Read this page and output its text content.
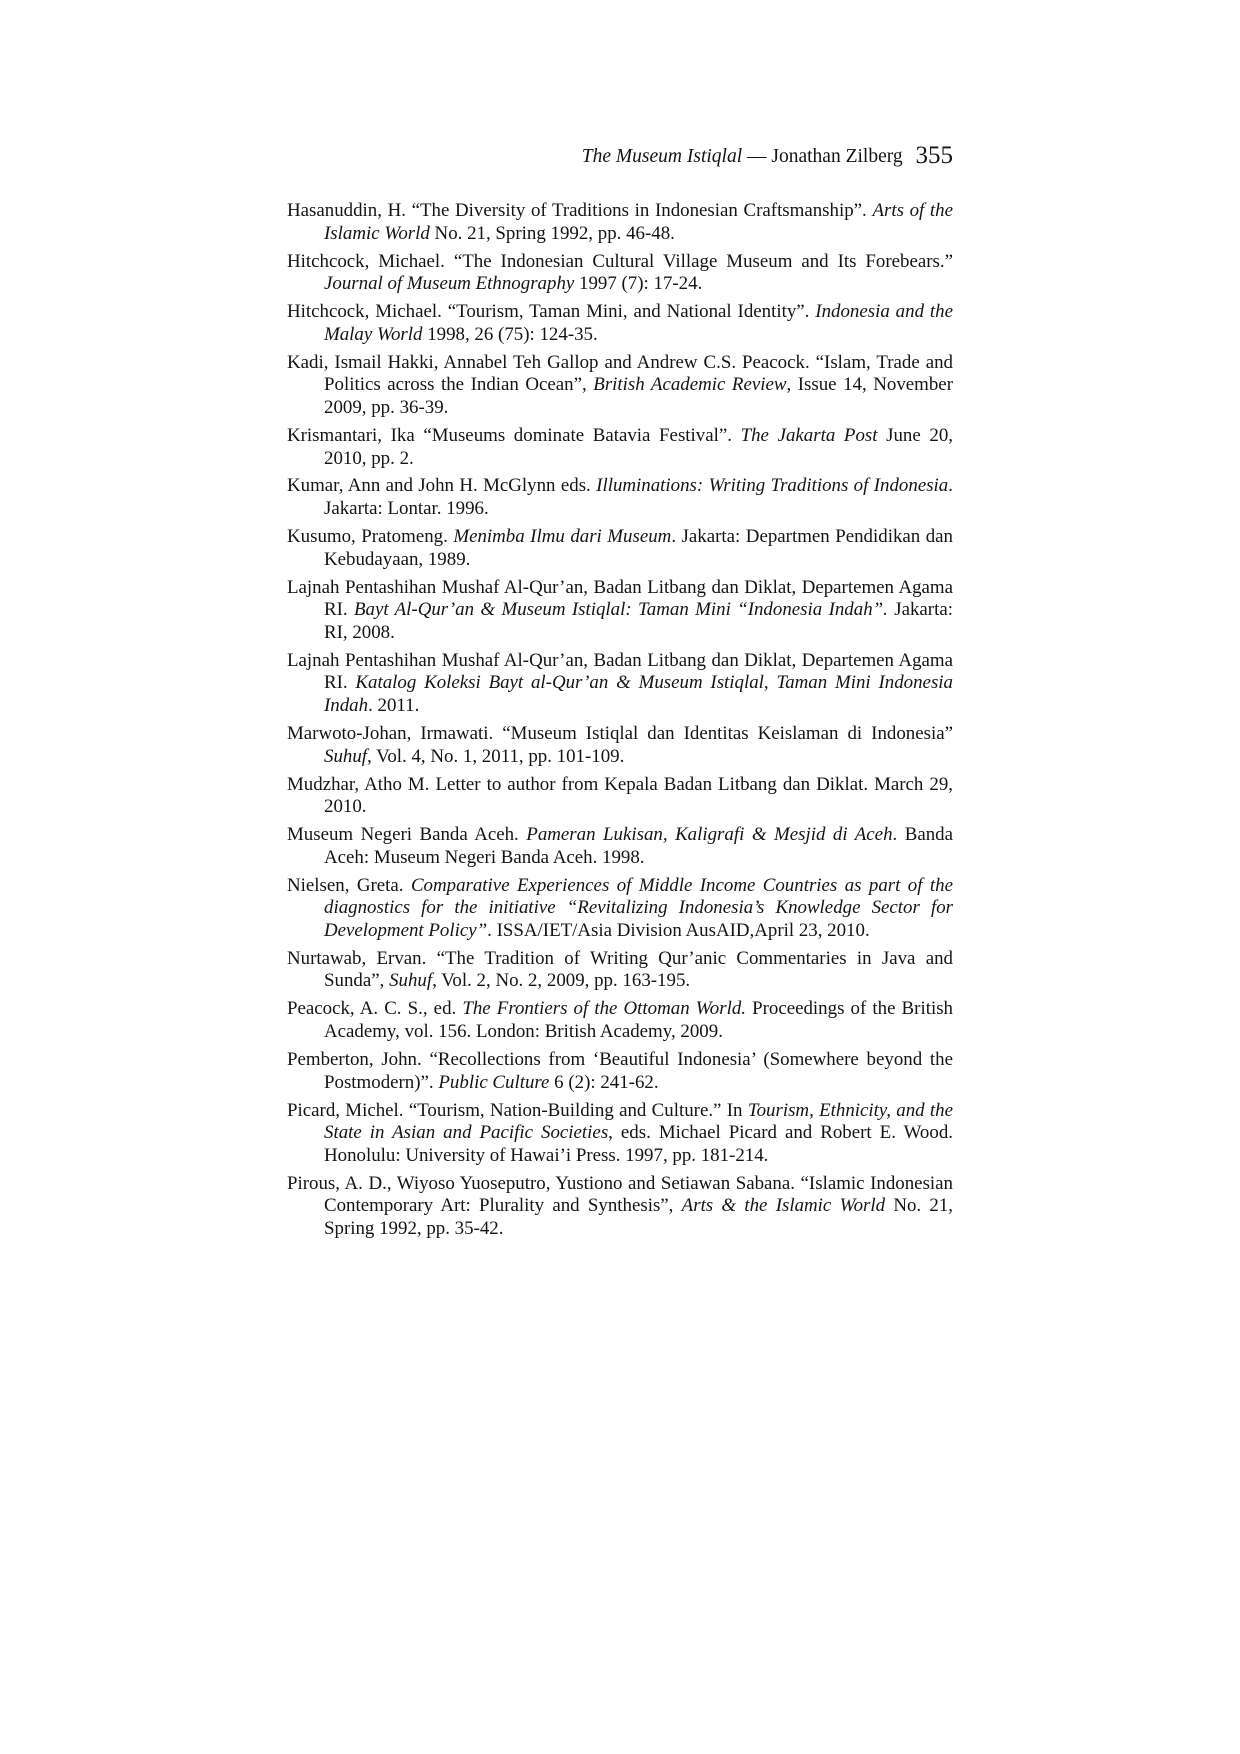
The Museum Istiqlal — Jonathan Zilberg 355

Hasanuddin, H. “The Diversity of Traditions in Indonesian Craftsmanship”. Arts of the Islamic World No. 21, Spring 1992, pp. 46-48.

Hitchcock, Michael. “The Indonesian Cultural Village Museum and Its Forebears.” Journal of Museum Ethnography 1997 (7): 17-24.

Hitchcock, Michael. “Tourism, Taman Mini, and National Identity”. Indonesia and the Malay World 1998, 26 (75): 124-35.

Kadi, Ismail Hakki, Annabel Teh Gallop and Andrew C.S. Peacock. “Islam, Trade and Politics across the Indian Ocean”, British Academic Review, Issue 14, November 2009, pp. 36-39.

Krismantari, Ika “Museums dominate Batavia Festival”. The Jakarta Post June 20, 2010, pp. 2.

Kumar, Ann and John H. McGlynn eds. Illuminations: Writing Traditions of Indonesia. Jakarta: Lontar. 1996.

Kusumo, Pratomeng. Menimba Ilmu dari Museum. Jakarta: Departmen Pendidikan dan Kebudayaan, 1989.

Lajnah Pentashihan Mushaf Al-Qur’an, Badan Litbang dan Diklat, Departemen Agama RI. Bayt Al-Qur’an & Museum Istiqlal: Taman Mini “Indonesia Indah”. Jakarta: RI, 2008.

Lajnah Pentashihan Mushaf Al-Qur’an, Badan Litbang dan Diklat, Departemen Agama RI. Katalog Koleksi Bayt al-Qur’an & Museum Istiqlal, Taman Mini Indonesia Indah. 2011.

Marwoto-Johan, Irmawati. “Museum Istiqlal dan Identitas Keislaman di Indonesia” Suhuf, Vol. 4, No. 1, 2011, pp. 101-109.

Mudzhar, Atho M. Letter to author from Kepala Badan Litbang dan Diklat. March 29, 2010.

Museum Negeri Banda Aceh. Pameran Lukisan, Kaligrafi & Mesjid di Aceh. Banda Aceh: Museum Negeri Banda Aceh. 1998.

Nielsen, Greta. Comparative Experiences of Middle Income Countries as part of the diagnostics for the initiative “Revitalizing Indonesia’s Knowledge Sector for Development Policy”. ISSA/IET/Asia Division AusAID,April 23, 2010.

Nurtawab, Ervan. “The Tradition of Writing Qur’anic Commentaries in Java and Sunda”, Suhuf, Vol. 2, No. 2, 2009, pp. 163-195.

Peacock, A. C. S., ed. The Frontiers of the Ottoman World. Proceedings of the British Academy, vol. 156. London: British Academy, 2009.

Pemberton, John. “Recollections from ‘Beautiful Indonesia’ (Somewhere beyond the Postmodern)”. Public Culture 6 (2): 241-62.

Picard, Michel. “Tourism, Nation-Building and Culture.” In Tourism, Ethnicity, and the State in Asian and Pacific Societies, eds. Michael Picard and Robert E. Wood. Honolulu: University of Hawai’i Press. 1997, pp. 181-214.

Pirous, A. D., Wiyoso Yuoseputro, Yustiono and Setiawan Sabana. “Islamic Indonesian Contemporary Art: Plurality and Synthesis”, Arts & the Islamic World No. 21, Spring 1992, pp. 35-42.
